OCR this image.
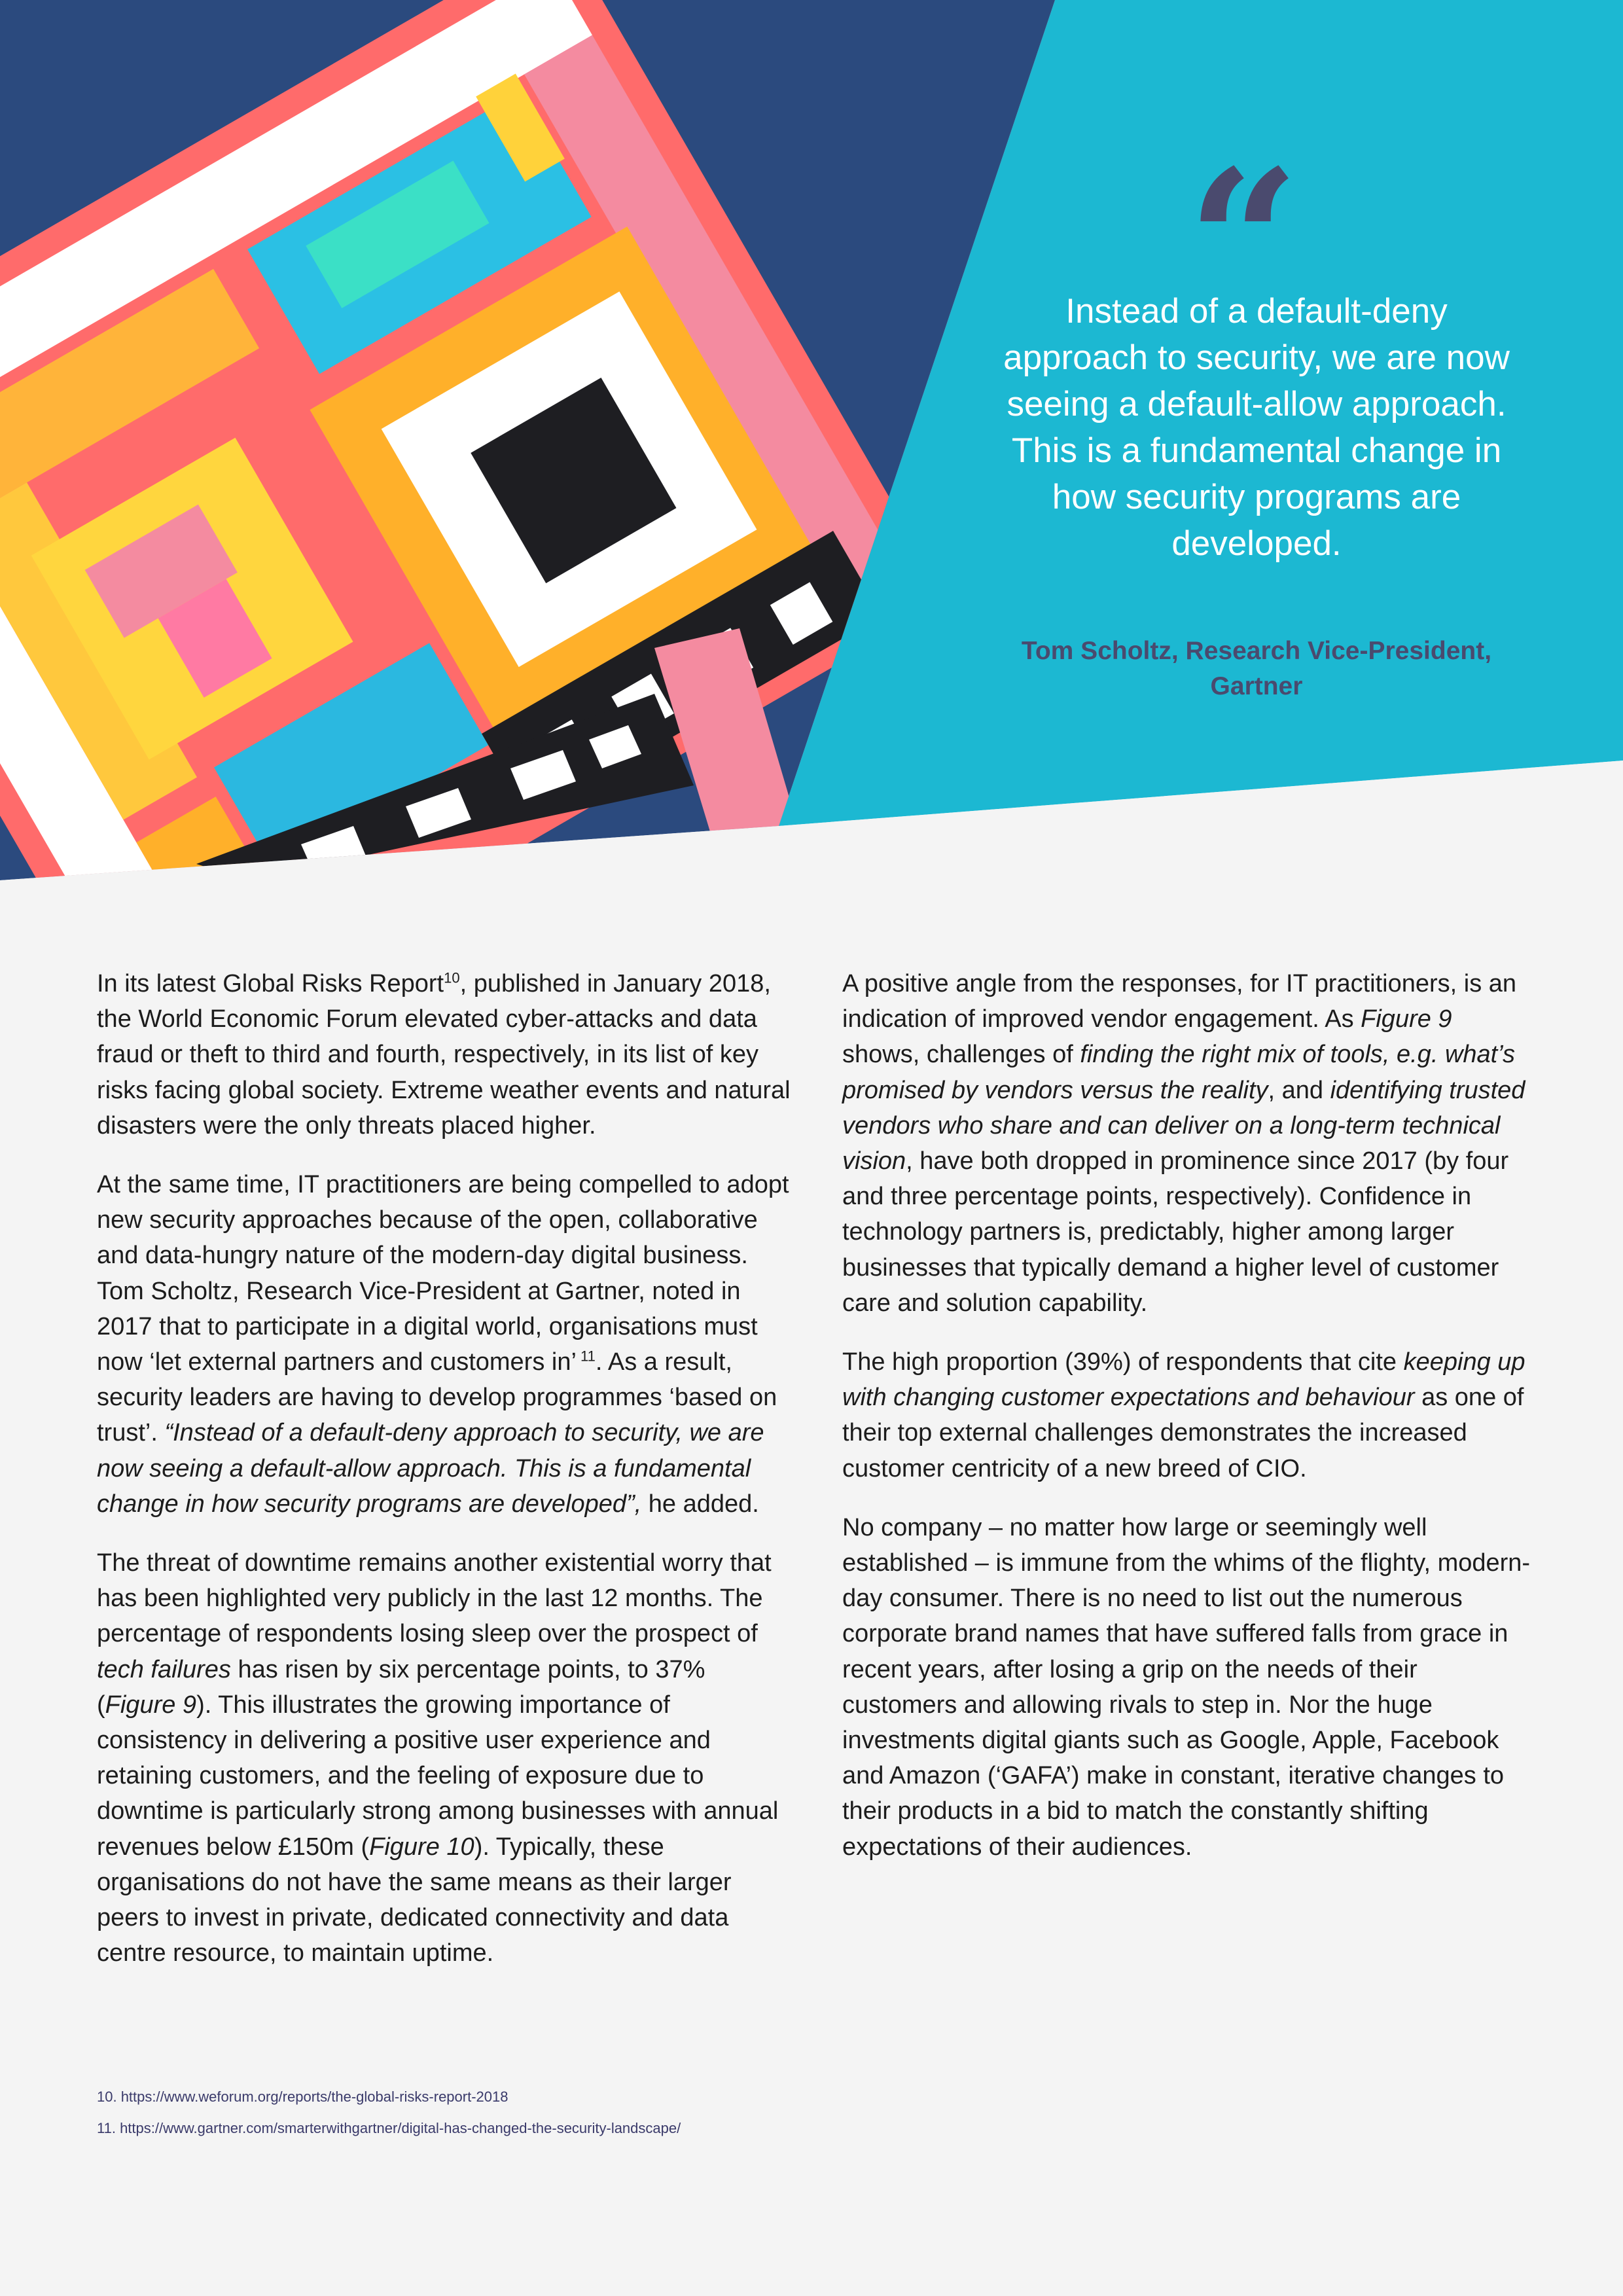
“
Instead of a default-deny approach to security, we are now seeing a default-allow approach. This is a fundamental change in how security programs are developed.
Tom Scholtz, Research Vice-President,
Gartner

In its latest Global Risks Report$^{10}$, published in January 2018, the World Economic Forum elevated cyber-attacks and data fraud or theft to third and fourth, respectively, in its list of key risks facing global society. Extreme weather events and natural disasters were the only threats placed higher.

At the same time, IT practitioners are being compelled to adopt new security approaches because of the open, collaborative and data-hungry nature of the modern-day digital business. Tom Scholtz, Research Vice-President at Gartner, noted in 2017 that to participate in a digital world, organisations must now ‘let external partners and customers in’ $^{11}$. As a result, security leaders are having to develop programmes ‘based on trust’. “Instead of a default-deny approach to security, we are now seeing a default-allow approach. This is a fundamental change in how security programs are developed”, he added.

The threat of downtime remains another existential worry that has been highlighted very publicly in the last 12 months. The percentage of respondents losing sleep over the prospect of tech failures has risen by six percentage points, to 37% (Figure 9). This illustrates the growing importance of consistency in delivering a positive user experience and retaining customers, and the feeling of exposure due to downtime is particularly strong among businesses with annual revenues below £150m (Figure 10). Typically, these organisations do not have the same means as their larger peers to invest in private, dedicated connectivity and data centre resource, to maintain uptime.

A positive angle from the responses, for IT practitioners, is an indication of improved vendor engagement. As Figure 9 shows, challenges of finding the right mix of tools, e.g. what’s promised by vendors versus the reality, and identifying trusted vendors who share and can deliver on a long-term technical vision, have both dropped in prominence since 2017 (by four and three percentage points, respectively). Confidence in technology partners is, predictably, higher among larger businesses that typically demand a higher level of customer care and solution capability.

The high proportion (39%) of respondents that cite keeping up with changing customer expectations and behaviour as one of their top external challenges demonstrates the increased customer centricity of a new breed of CIO.

No company – no matter how large or seemingly well established – is immune from the whims of the flighty, modern-day consumer. There is no need to list out the numerous corporate brand names that have suffered falls from grace in recent years, after losing a grip on the needs of their customers and allowing rivals to step in. Nor the huge investments digital giants such as Google, Apple, Facebook and Amazon (‘GAFA’) make in constant, iterative changes to their products in a bid to match the constantly shifting expectations of their audiences.

10. https://www.weforum.org/reports/the-global-risks-report-2018
11. https://www.gartner.com/smarterwithgartner/digital-has-changed-the-security-landscape/
